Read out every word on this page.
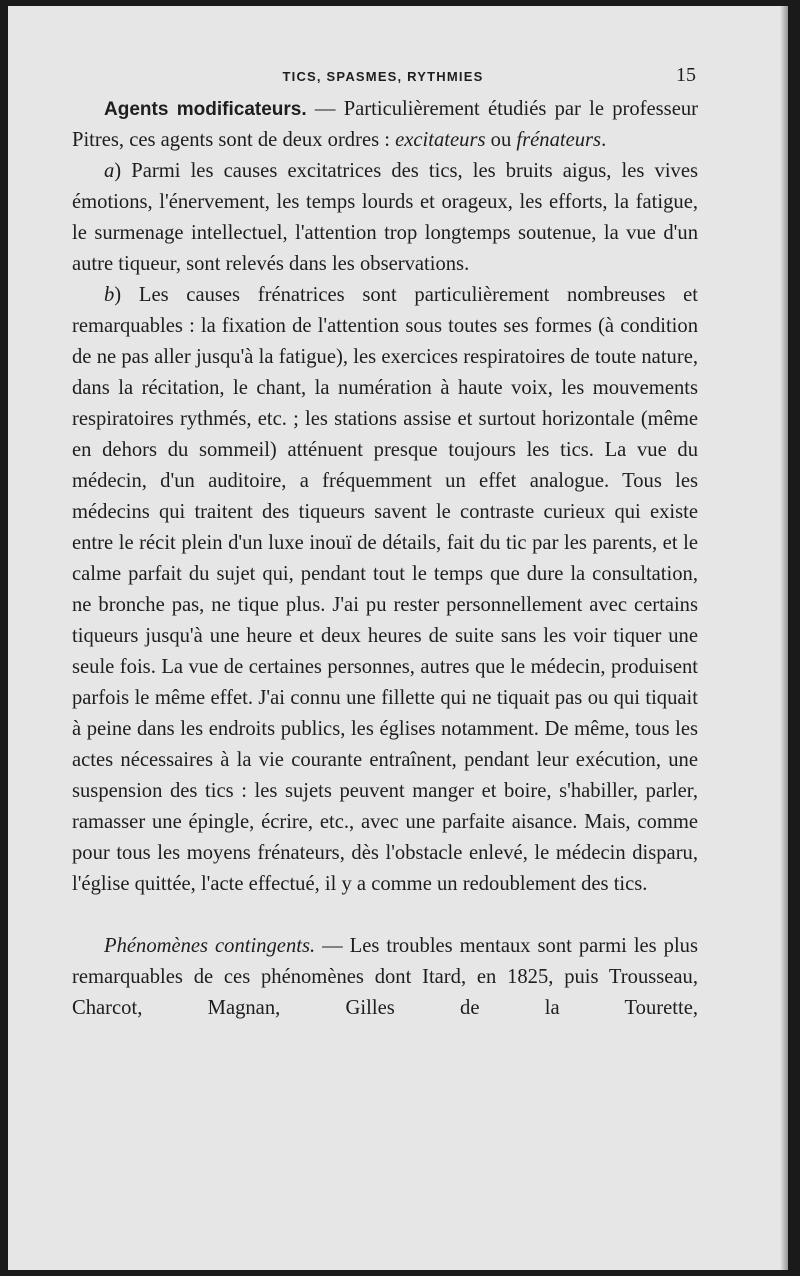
TICS, SPASMES, RYTHMIES	15

Agents modificateurs. — Particulièrement étudiés par le professeur Pitres, ces agents sont de deux ordres : excitateurs ou frénateurs.

a) Parmi les causes excitatrices des tics, les bruits aigus, les vives émotions, l'énervement, les temps lourds et orageux, les efforts, la fatigue, le surmenage intellectuel, l'attention trop longtemps soutenue, la vue d'un autre tiqueur, sont relevés dans les observations.

b) Les causes frénatrices sont particulièrement nombreuses et remarquables : la fixation de l'attention sous toutes ses formes (à condition de ne pas aller jusqu'à la fatigue), les exercices respiratoires de toute nature, dans la récitation, le chant, la numération à haute voix, les mouvements respiratoires rythmés, etc. ; les stations assise et surtout horizontale (même en dehors du sommeil) atténuent presque toujours les tics. La vue du médecin, d'un auditoire, a fréquemment un effet analogue. Tous les médecins qui traitent des tiqueurs savent le contraste curieux qui existe entre le récit plein d'un luxe inouï de détails, fait du tic par les parents, et le calme parfait du sujet qui, pendant tout le temps que dure la consultation, ne bronche pas, ne tique plus. J'ai pu rester personnellement avec certains tiqueurs jusqu'à une heure et deux heures de suite sans les voir tiquer une seule fois. La vue de certaines personnes, autres que le médecin, produisent parfois le même effet. J'ai connu une fillette qui ne tiquait pas ou qui tiquait à peine dans les endroits publics, les églises notamment. De même, tous les actes nécessaires à la vie courante entraînent, pendant leur exécution, une suspension des tics : les sujets peuvent manger et boire, s'habiller, parler, ramasser une épingle, écrire, etc., avec une parfaite aisance. Mais, comme pour tous les moyens frénateurs, dès l'obstacle enlevé, le médecin disparu, l'église quittée, l'acte effectué, il y a comme un redoublement des tics.

Phénomènes contingents. — Les troubles mentaux sont parmi les plus remarquables de ces phénomènes dont Itard, en 1825, puis Trousseau, Charcot, Magnan, Gilles de la Tourette,
